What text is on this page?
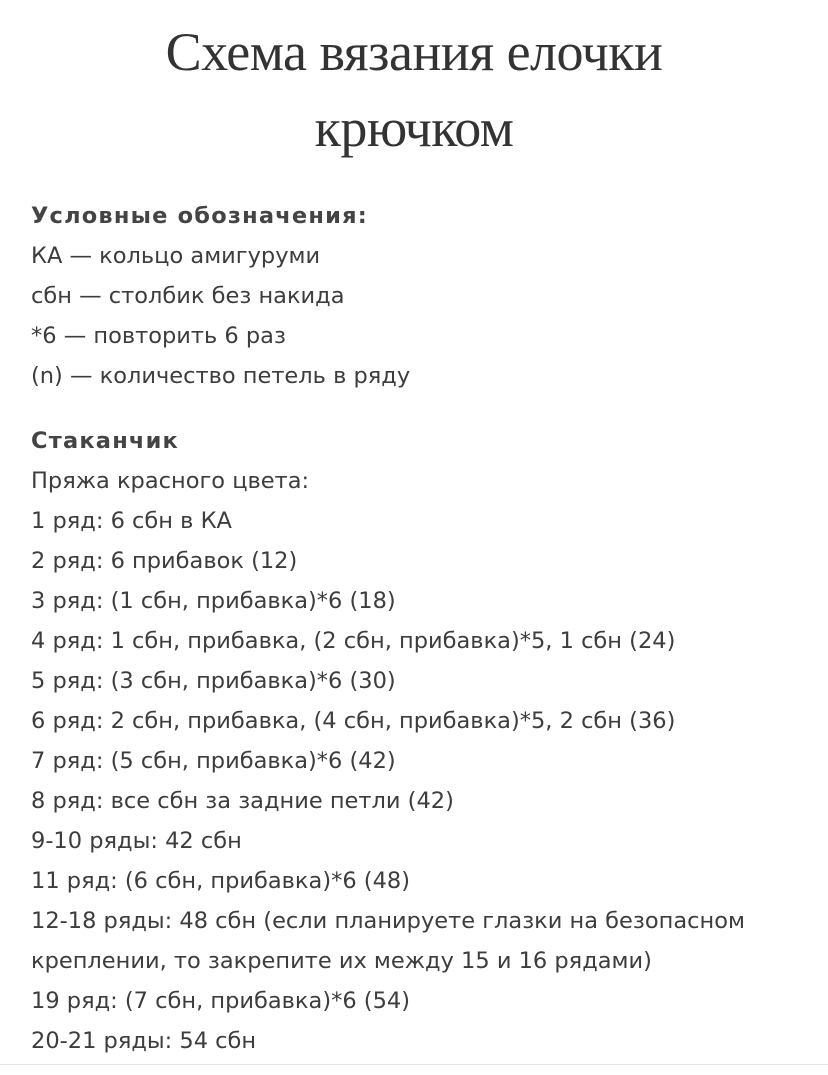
Схема вязания елочки
крючком
Условные обозначения:
КА — кольцо амигуруми
сбн — столбик без накида
*6 — повторить 6 раз
(n) — количество петель в ряду
Стаканчик
Пряжа красного цвета:
1 ряд: 6 сбн в КА
2 ряд: 6 прибавок (12)
3 ряд: (1 сбн, прибавка)*6 (18)
4 ряд: 1 сбн, прибавка, (2 сбн, прибавка)*5, 1 сбн (24)
5 ряд: (3 сбн, прибавка)*6 (30)
6 ряд: 2 сбн, прибавка, (4 сбн, прибавка)*5, 2 сбн (36)
7 ряд: (5 сбн, прибавка)*6 (42)
8 ряд: все сбн за задние петли (42)
9-10 ряды: 42 сбн
11 ряд: (6 сбн, прибавка)*6 (48)
12-18 ряды: 48 сбн (если планируете глазки на безопасном креплении, то закрепите их между 15 и 16 рядами)
19 ряд: (7 сбн, прибавка)*6 (54)
20-21 ряды: 54 сбн
